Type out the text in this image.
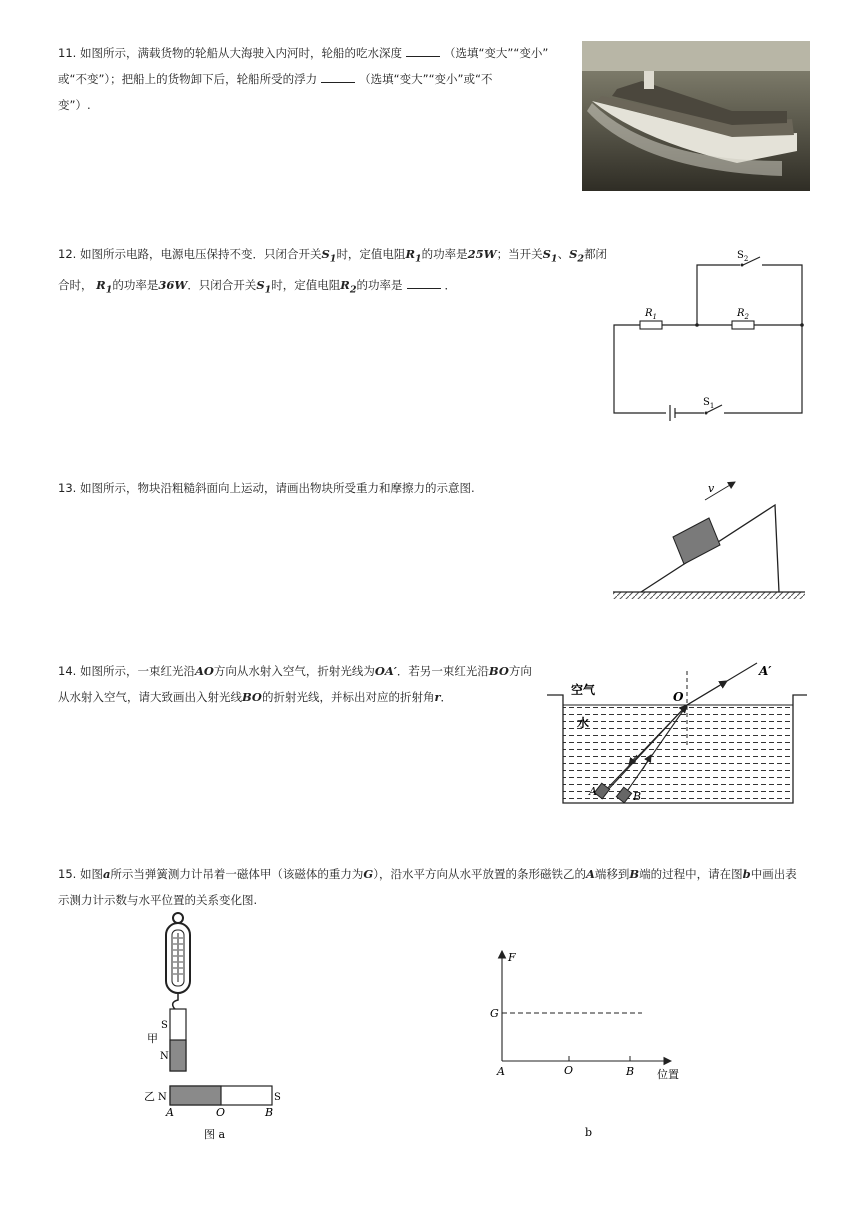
11. 如图所示，满载货物的轮船从大海驶入内河时，轮船的吃水深度	（选填“变大”“变小”
或“不变”）；把船上的货物卸下后，轮船所受的浮力	（选填“变大”“变小”或“不
变”）.
12. 如图所示电路，电源电压保持不变．只闭合开关$S_1$时，定值电阻$R_1$的功率是25W；当开关$S_1$、$S_2$都闭
合时， $R_1$的功率是36W．只闭合开关$S_1$时，定值电阻$R_2$的功率是	．
$S_2$
$R_1$	$R_2$
$S_1$
13. 如图所示，物块沿粗糙斜面向上运动，请画出物块所受重力和摩擦力的示意图.	v
14. 如图所示，一束红光沿AO方向从水射入空气，折射光线为OA′．若另一束红光沿BO方向
从水射入空气，请大致画出入射光线BO的折射光线，并标出对应的折射角r．	空气
水
O
A′
A	B
15. 如图a所示当弹簧测力计吊着一磁体甲（该磁体的重力为G），沿水平方向从水平放置的条形磁铁乙的A端移到B端的过程中，请在图b中画出表
示测力计示数与水平位置的关系变化图.
S
甲
N
乙 N	S
A	O	B
图 a
F
G
A	O	B 位置
b
